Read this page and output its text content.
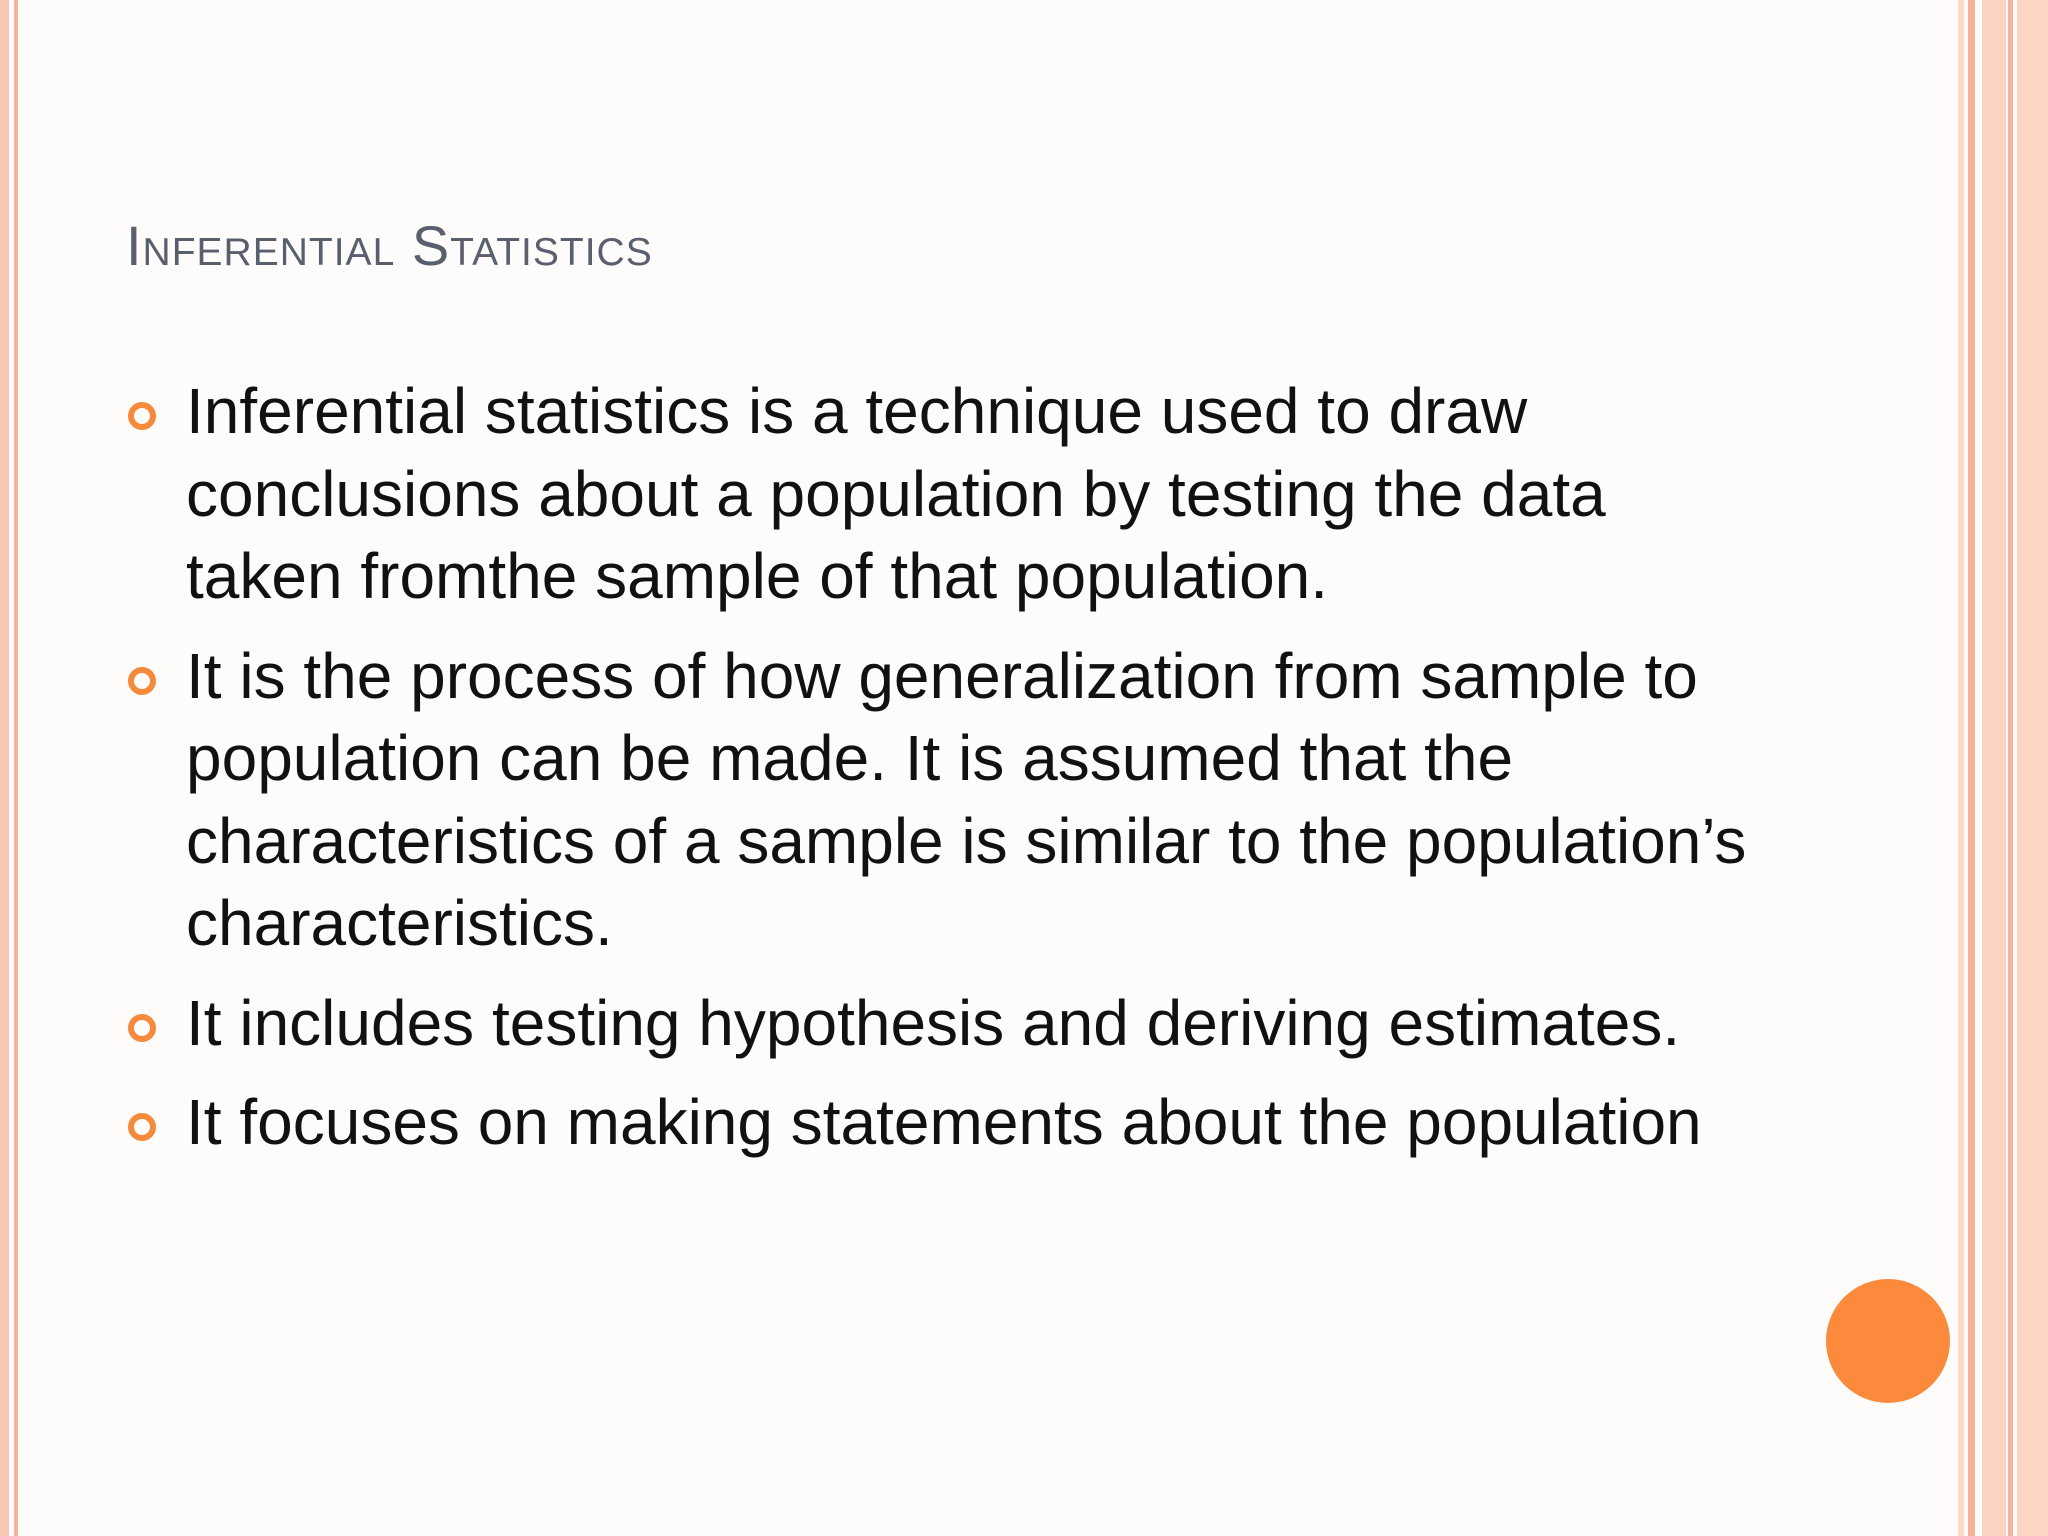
Inferential Statistics
Inferential statistics is a technique used to draw conclusions about a population by testing the data taken fromthe sample of that population.
It is the process of how generalization from sample to population can be made. It is assumed that the characteristics of a sample is similar to the population’s characteristics.
It includes testing hypothesis and deriving estimates.
It focuses on making statements about the population
